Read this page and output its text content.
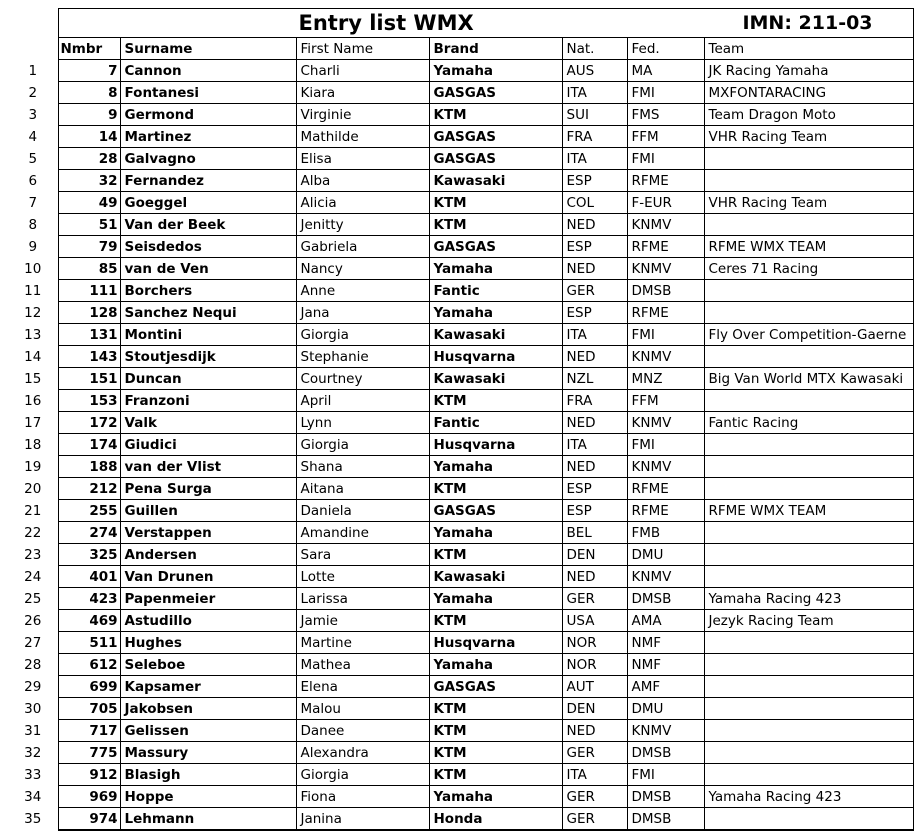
	Entry list WMX IMN: 211-03						

	Nmbr	Surname	First Name	Brand	Nat.	Fed.	Team
1	7	Cannon	Charli	Yamaha	AUS	MA	JK Racing Yamaha
2	8	Fontanesi	Kiara	GASGAS	ITA	FMI	MXFONTARACING
3	9	Germond	Virginie	KTM	SUI	FMS	Team Dragon Moto
4	14	Martinez	Mathilde	GASGAS	FRA	FFM	VHR Racing Team
5	28	Galvagno	Elisa	GASGAS	ITA	FMI	
6	32	Fernandez	Alba	Kawasaki	ESP	RFME	
7	49	Goeggel	Alicia	KTM	COL	F-EUR	VHR Racing Team
8	51	Van der Beek	Jenitty	KTM	NED	KNMV	
9	79	Seisdedos	Gabriela	GASGAS	ESP	RFME	RFME WMX TEAM
10	85	van de Ven	Nancy	Yamaha	NED	KNMV	Ceres 71 Racing
11	111	Borchers	Anne	Fantic	GER	DMSB	
12	128	Sanchez Nequi	Jana	Yamaha	ESP	RFME	
13	131	Montini	Giorgia	Kawasaki	ITA	FMI	Fly Over Competition-Gaerne
14	143	Stoutjesdijk	Stephanie	Husqvarna	NED	KNMV	
15	151	Duncan	Courtney	Kawasaki	NZL	MNZ	Big Van World MTX Kawasaki
16	153	Franzoni	April	KTM	FRA	FFM	
17	172	Valk	Lynn	Fantic	NED	KNMV	Fantic Racing
18	174	Giudici	Giorgia	Husqvarna	ITA	FMI	
19	188	van der Vlist	Shana	Yamaha	NED	KNMV	
20	212	Pena Surga	Aitana	KTM	ESP	RFME	
21	255	Guillen	Daniela	GASGAS	ESP	RFME	RFME WMX TEAM
22	274	Verstappen	Amandine	Yamaha	BEL	FMB	
23	325	Andersen	Sara	KTM	DEN	DMU	
24	401	Van Drunen	Lotte	Kawasaki	NED	KNMV	
25	423	Papenmeier	Larissa	Yamaha	GER	DMSB	Yamaha Racing 423
26	469	Astudillo	Jamie	KTM	USA	AMA	Jezyk Racing Team
27	511	Hughes	Martine	Husqvarna	NOR	NMF	
28	612	Seleboe	Mathea	Yamaha	NOR	NMF	
29	699	Kapsamer	Elena	GASGAS	AUT	AMF	
30	705	Jakobsen	Malou	KTM	DEN	DMU	
31	717	Gelissen	Danee	KTM	NED	KNMV	
32	775	Massury	Alexandra	KTM	GER	DMSB	
33	912	Blasigh	Giorgia	KTM	ITA	FMI	
34	969	Hoppe	Fiona	Yamaha	GER	DMSB	Yamaha Racing 423
35	974	Lehmann	Janina	Honda	GER	DMSB	
